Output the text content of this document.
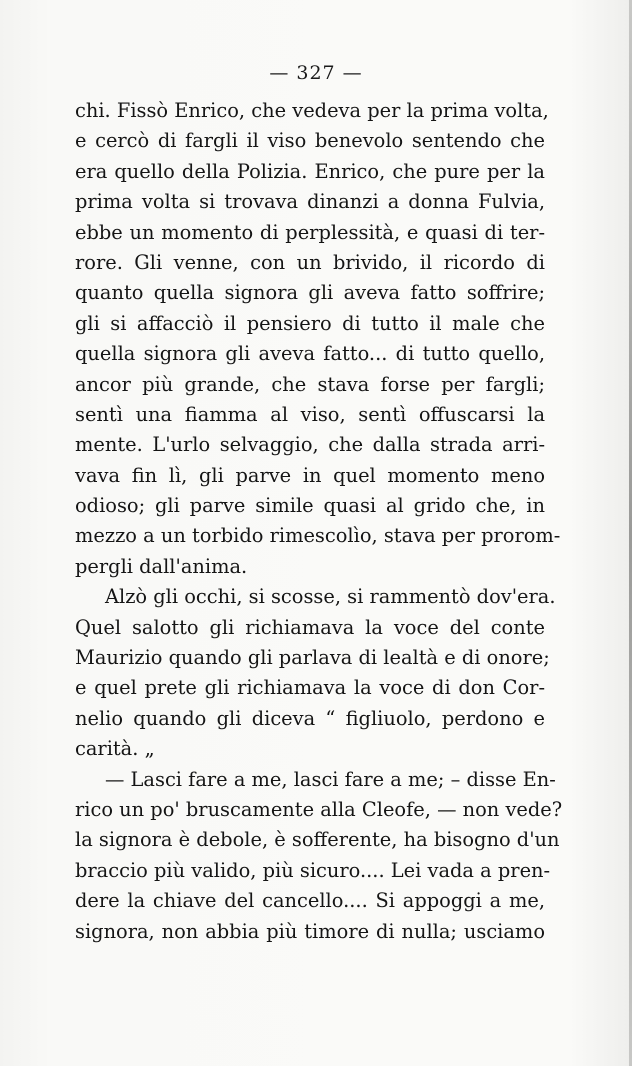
— 327 —
chi. Fissò Enrico, che vedeva per la prima volta,
e cercò di fargli il viso benevolo sentendo che
era quello della Polizia. Enrico, che pure per la
prima volta si trovava dinanzi a donna Fulvia,
ebbe un momento di perplessità, e quasi di ter-
rore. Gli venne, con un brivido, il ricordo di
quanto quella signora gli aveva fatto soffrire;
gli si affacciò il pensiero di tutto il male che
quella signora gli aveva fatto... di tutto quello,
ancor più grande, che stava forse per fargli;
sentì una fiamma al viso, sentì offuscarsi la
mente. L'urlo selvaggio, che dalla strada arri-
vava fin lì, gli parve in quel momento meno
odioso; gli parve simile quasi al grido che, in
mezzo a un torbido rimescolìo, stava per prorom-
pergli dall'anima.
Alzò gli occhi, si scosse, si rammentò dov'era.
Quel salotto gli richiamava la voce del conte
Maurizio quando gli parlava di lealtà e di onore;
e quel prete gli richiamava la voce di don Cor-
nelio quando gli diceva “ figliuolo, perdono e
carità. „
— Lasci fare a me, lasci fare a me; – disse En-
rico un po' bruscamente alla Cleofe, — non vede?
la signora è debole, è sofferente, ha bisogno d'un
braccio più valido, più sicuro.... Lei vada a pren-
dere la chiave del cancello.... Si appoggi a me,
signora, non abbia più timore di nulla; usciamo
